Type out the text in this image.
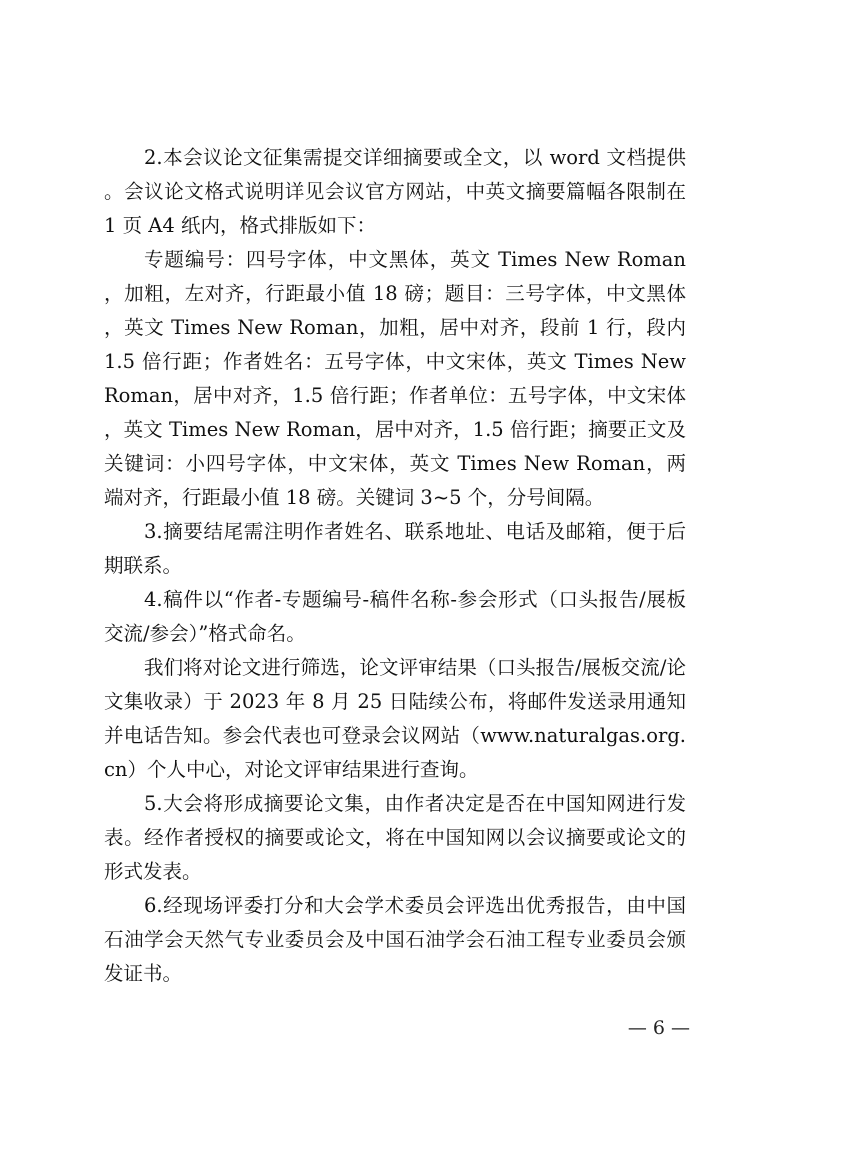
2.本会议论文征集需提交详细摘要或全文，以 word 文档提供。会议论文格式说明详见会议官方网站，中英文摘要篇幅各限制在 1 页 A4 纸内，格式排版如下：

专题编号：四号字体，中文黑体，英文 Times New Roman，加粗，左对齐，行距最小值 18 磅；题目：三号字体，中文黑体，英文 Times New Roman，加粗，居中对齐，段前 1 行，段内 1.5 倍行距；作者姓名：五号字体，中文宋体，英文 Times New Roman，居中对齐，1.5 倍行距；作者单位：五号字体，中文宋体，英文 Times New Roman，居中对齐，1.5 倍行距；摘要正文及关键词：小四号字体，中文宋体，英文 Times New Roman，两端对齐，行距最小值 18 磅。关键词 3~5 个，分号间隔。

3.摘要结尾需注明作者姓名、联系地址、电话及邮箱，便于后期联系。

4.稿件以“作者-专题编号-稿件名称-参会形式（口头报告/展板交流/参会）”格式命名。

我们将对论文进行筛选，论文评审结果（口头报告/展板交流/论文集收录）于 2023 年 8 月 25 日陆续公布，将邮件发送录用通知并电话告知。参会代表也可登录会议网站（www.naturalgas.org.cn）个人中心，对论文评审结果进行查询。

5.大会将形成摘要论文集，由作者决定是否在中国知网进行发表。经作者授权的摘要或论文，将在中国知网以会议摘要或论文的形式发表。

6.经现场评委打分和大会学术委员会评选出优秀报告，由中国石油学会天然气专业委员会及中国石油学会石油工程专业委员会颁发证书。

— 6 —
